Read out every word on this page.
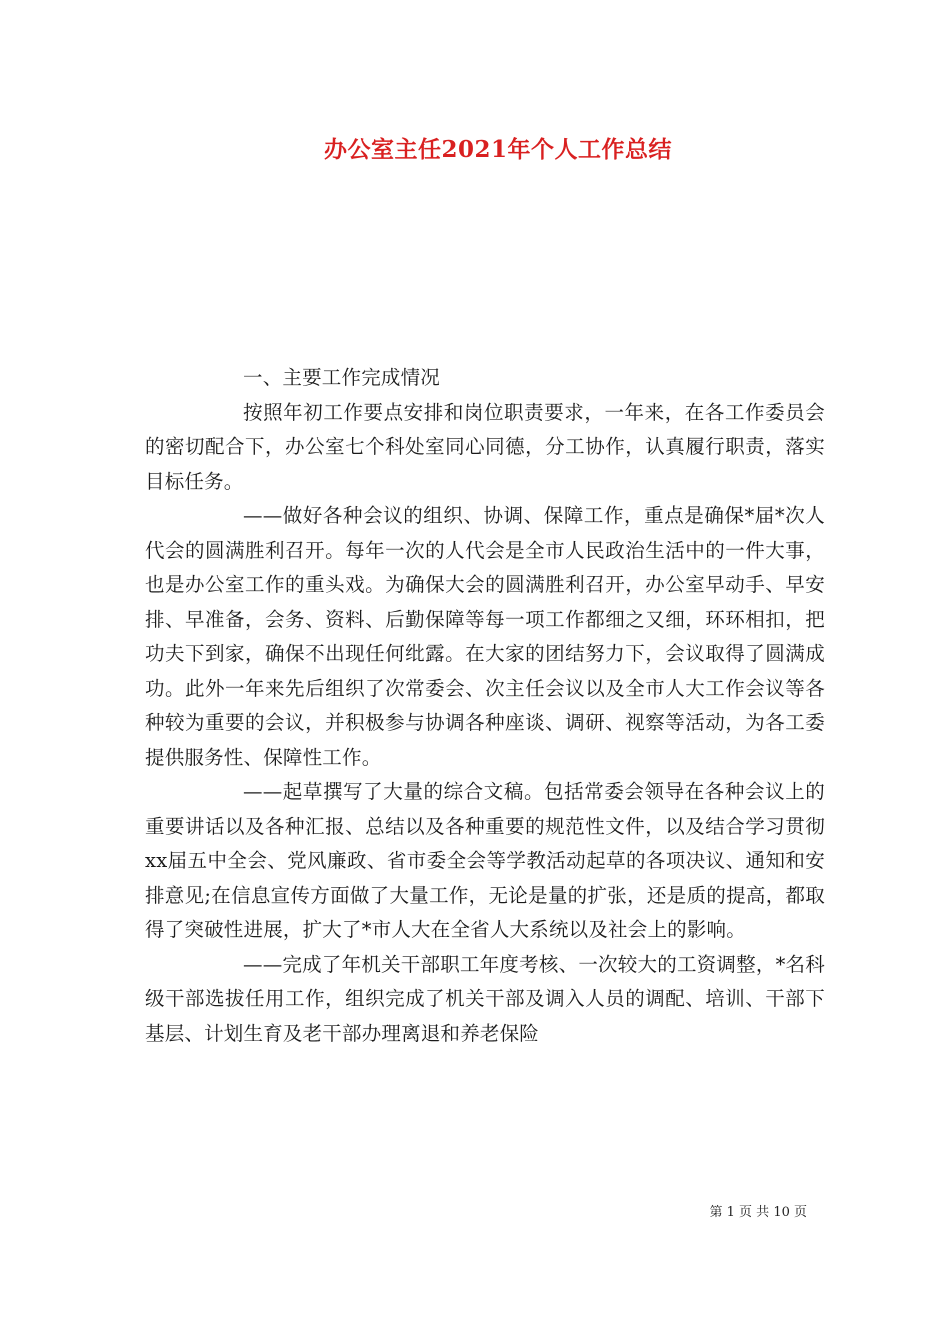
办公室主任2021年个人工作总结

一、主要工作完成情况

按照年初工作要点安排和岗位职责要求，一年来，在各工作委员会的密切配合下，办公室七个科处室同心同德，分工协作，认真履行职责，落实目标任务。

——做好各种会议的组织、协调、保障工作，重点是确保*届*次人代会的圆满胜利召开。每年一次的人代会是全市人民政治生活中的一件大事，也是办公室工作的重头戏。为确保大会的圆满胜利召开，办公室早动手、早安排、早准备，会务、资料、后勤保障等每一项工作都细之又细，环环相扣，把功夫下到家，确保不出现任何纰露。在大家的团结努力下，会议取得了圆满成功。此外一年来先后组织了次常委会、次主任会议以及全市人大工作会议等各种较为重要的会议，并积极参与协调各种座谈、调研、视察等活动，为各工委提供服务性、保障性工作。

——起草撰写了大量的综合文稿。包括常委会领导在各种会议上的重要讲话以及各种汇报、总结以及各种重要的规范性文件，以及结合学习贯彻xx届五中全会、党风廉政、省市委全会等学教活动起草的各项决议、通知和安排意见;在信息宣传方面做了大量工作，无论是量的扩张，还是质的提高，都取得了突破性进展，扩大了*市人大在全省人大系统以及社会上的影响。

——完成了年机关干部职工年度考核、一次较大的工资调整，*名科级干部选拔任用工作，组织完成了机关干部及调入人员的调配、培训、干部下基层、计划生育及老干部办理离退和养老保险

第 1 页 共 10 页
